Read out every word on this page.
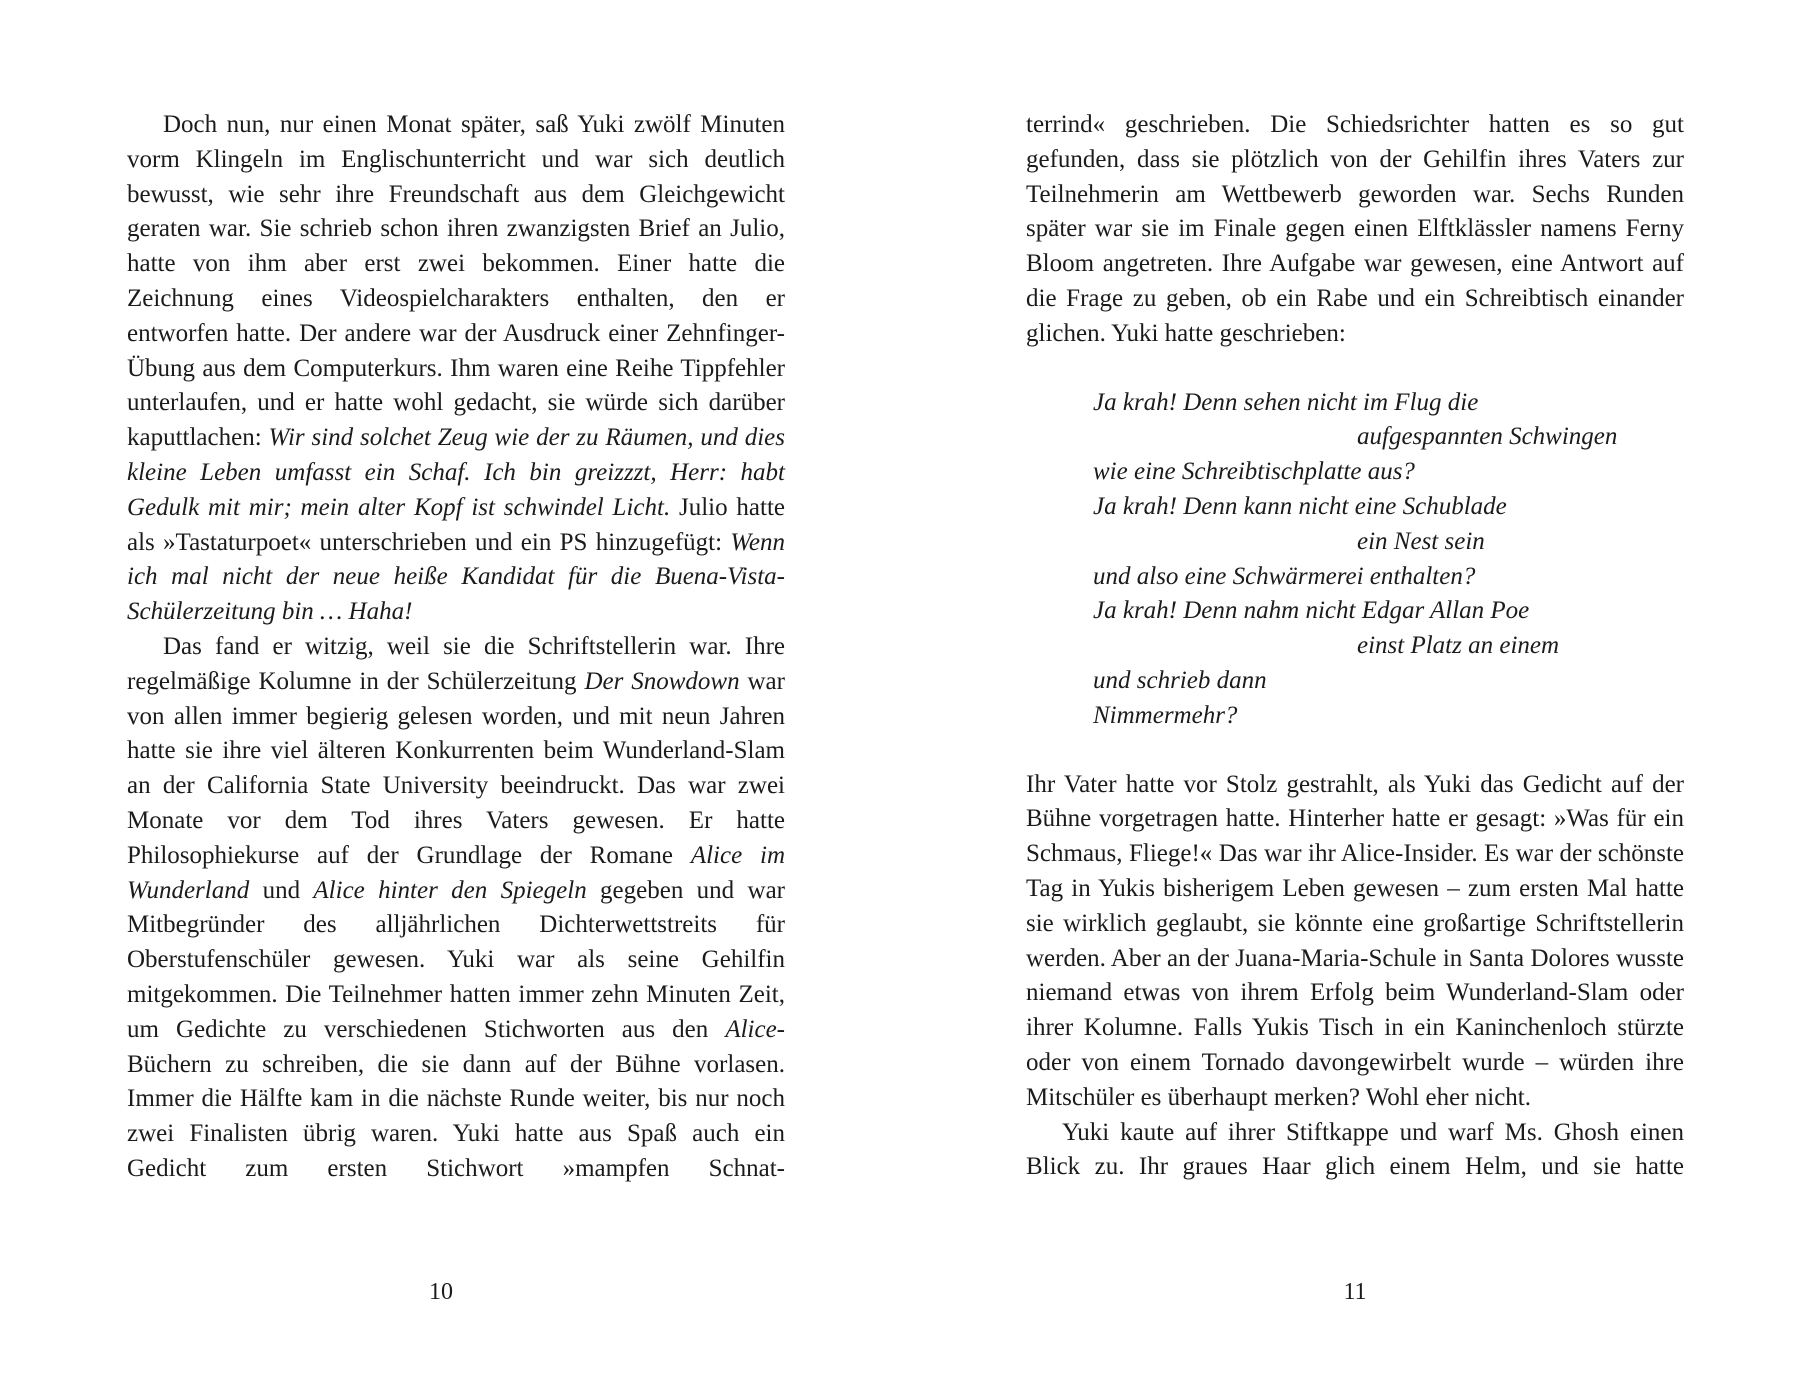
Doch nun, nur einen Monat später, saß Yuki zwölf Minuten vorm Klingeln im Englischunterricht und war sich deutlich bewusst, wie sehr ihre Freundschaft aus dem Gleichgewicht geraten war. Sie schrieb schon ihren zwanzigsten Brief an Julio, hatte von ihm aber erst zwei bekommen. Einer hatte die Zeichnung eines Videospielcharakters enthalten, den er entworfen hatte. Der andere war der Ausdruck einer Zehnfinger-Übung aus dem Computerkurs. Ihm waren eine Reihe Tippfehler unterlaufen, und er hatte wohl gedacht, sie würde sich darüber kaputtlachen: Wir sind solchet Zeug wie der zu Räumen, und dies kleine Leben umfasst ein Schaf. Ich bin greizzzt, Herr: habt Gedulk mit mir; mein alter Kopf ist schwindel Licht. Julio hatte als »Tastaturpoet« unterschrieben und ein PS hinzugefügt: Wenn ich mal nicht der neue heiße Kandidat für die Buena-Vista-Schülerzeitung bin … Haha!

Das fand er witzig, weil sie die Schriftstellerin war. Ihre regelmäßige Kolumne in der Schülerzeitung Der Snowdown war von allen immer begierig gelesen worden, und mit neun Jahren hatte sie ihre viel älteren Konkurrenten beim Wunderland-Slam an der California State University beeindruckt. Das war zwei Monate vor dem Tod ihres Vaters gewesen. Er hatte Philosophiekurse auf der Grundlage der Romane Alice im Wunderland und Alice hinter den Spiegeln gegeben und war Mitbegründer des alljährlichen Dichterwettstreits für Oberstufenschüler gewesen. Yuki war als seine Gehilfin mitgekommen. Die Teilnehmer hatten immer zehn Minuten Zeit, um Gedichte zu verschiedenen Stichworten aus den Alice-Büchern zu schreiben, die sie dann auf der Bühne vorlasen. Immer die Hälfte kam in die nächste Runde weiter, bis nur noch zwei Finalisten übrig waren. Yuki hatte aus Spaß auch ein Gedicht zum ersten Stichwort »mampfen Schnat-

10

terrind« geschrieben. Die Schiedsrichter hatten es so gut gefunden, dass sie plötzlich von der Gehilfin ihres Vaters zur Teilnehmerin am Wettbewerb geworden war. Sechs Runden später war sie im Finale gegen einen Elftklässler namens Ferny Bloom angetreten. Ihre Aufgabe war gewesen, eine Antwort auf die Frage zu geben, ob ein Rabe und ein Schreibtisch einander glichen. Yuki hatte geschrieben:

Ja krah! Denn sehen nicht im Flug die

aufgespannten Schwingen

wie eine Schreibtischplatte aus?

Ja krah! Denn kann nicht eine Schublade

ein Nest sein

und also eine Schwärmerei enthalten?

Ja krah! Denn nahm nicht Edgar Allan Poe

einst Platz an einem

und schrieb dann

Nimmermehr?

Ihr Vater hatte vor Stolz gestrahlt, als Yuki das Gedicht auf der Bühne vorgetragen hatte. Hinterher hatte er gesagt: »Was für ein Schmaus, Fliege!« Das war ihr Alice-Insider. Es war der schönste Tag in Yukis bisherigem Leben gewesen – zum ersten Mal hatte sie wirklich geglaubt, sie könnte eine großartige Schriftstellerin werden. Aber an der Juana-Maria-Schule in Santa Dolores wusste niemand etwas von ihrem Erfolg beim Wunderland-Slam oder ihrer Kolumne. Falls Yukis Tisch in ein Kaninchenloch stürzte oder von einem Tornado davongewirbelt wurde – würden ihre Mitschüler es überhaupt merken? Wohl eher nicht.

Yuki kaute auf ihrer Stiftkappe und warf Ms. Ghosh einen Blick zu. Ihr graues Haar glich einem Helm, und sie hatte

11
